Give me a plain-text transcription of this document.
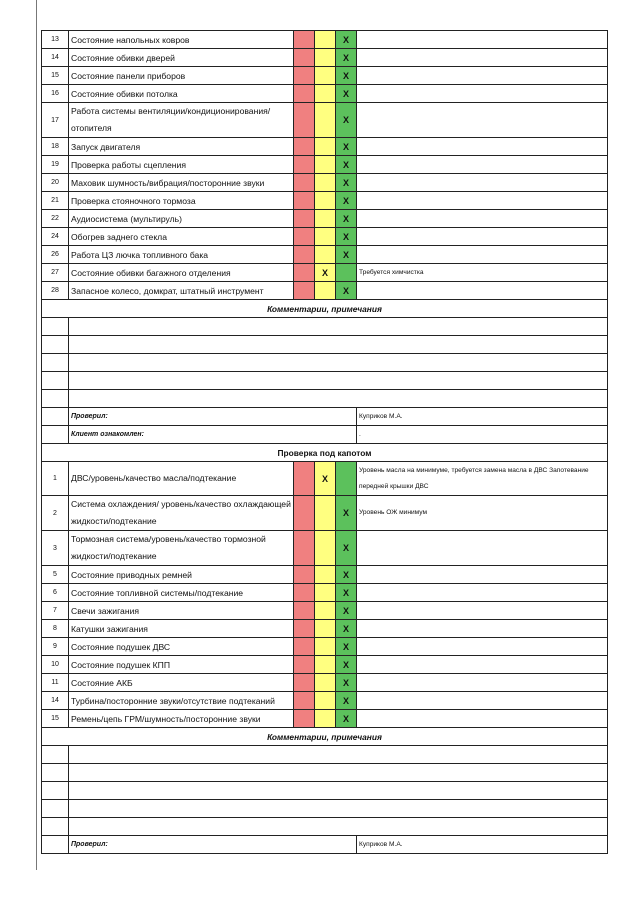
13	Состояние напольных ковров			X	
14	Состояние обивки дверей			X	
15	Состояние панели приборов			X	
16	Состояние обивки потолка			X	
17	Работа системы вентиляции/кондиционирования/ отопителя			X	
18	Запуск двигателя			X	
19	Проверка работы сцепления			X	
20	Маховик шумность/вибрация/посторонние звуки			X	
21	Проверка стояночного тормоза			X	
22	Аудиосистема (мультируль)			X	
24	Обогрев заднего стекла			X	
26	Работа ЦЗ лючка топливного бака			X	
27	Состояние обивки багажного отделения		X		Требуется химчистка
28	Запасное колесо, домкрат, штатный инструмент			X	
Комментарии, примечания					

	Проверил:				Куприков М.А.
	Клиент ознакомлен:				.
Проверка под капотом					
1	ДВС/уровень/качество масла/подтекание		X		Уровень масла на минимуме, требуется замена масла в ДВС Запотевание передней крышки ДВС
2	Система охлаждения/ уровень/качество охлаждающей жидкости/подтекание			X	Уровень ОЖ минимум
3	Тормозная система/уровень/качество тормозной жидкости/подтекание			X	
5	Состояние приводных ремней			X	
6	Состояние топливной системы/подтекание			X	
7	Свечи зажигания			X	
8	Катушки зажигания			X	
9	Состояние подушек ДВС			X	
10	Состояние подушек КПП			X	
11	Состояние АКБ			X	
14	Турбина/посторонние звуки/отсутствие подтеканий			X	
15	Ремень/цепь ГРМ/шумность/посторонние звуки			X	
Комментарии, примечания					

	Проверил:				Куприков М.А.
